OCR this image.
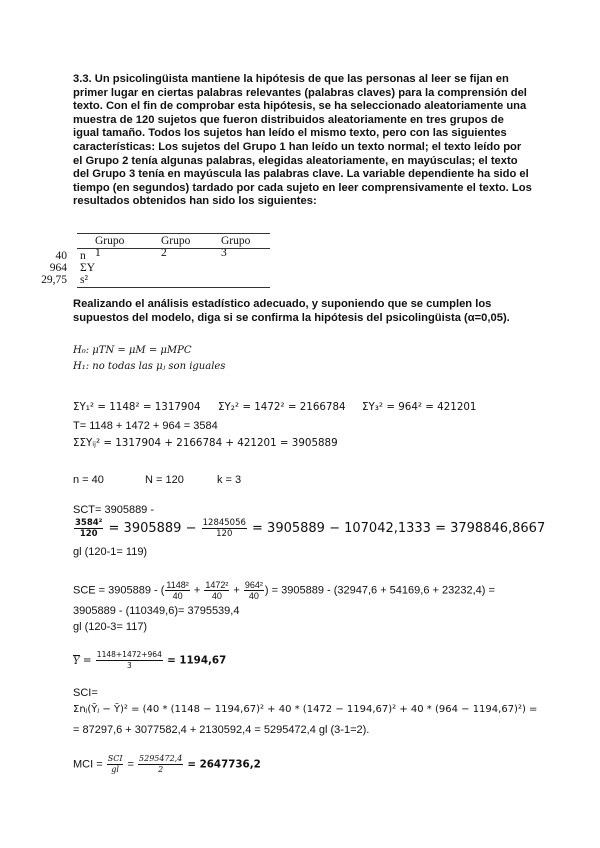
3.3. Un psicolingüista mantiene la hipótesis de que las personas al leer se fijan en
primer lugar en ciertas palabras relevantes (palabras claves) para la comprensión del
texto. Con el fin de comprobar esta hipótesis, se ha seleccionado aleatoriamente una
muestra de 120 sujetos que fueron distribuidos aleatoriamente en tres grupos de
igual tamaño. Todos los sujetos han leído el mismo texto, pero con las siguientes
características: Los sujetos del Grupo 1 han leído un texto normal; el texto leído por
el Grupo 2 tenía algunas palabras, elegidas aleatoriamente, en mayúsculas; el texto
del Grupo 3 tenía en mayúscula las palabras clave. La variable dependiente ha sido el
tiempo (en segundos) tardado por cada sujeto en leer comprensivamente el texto. Los
resultados obtenidos han sido los siguientes:
Grupo 1
Grupo 2
Grupo 3
n
40
ΣY
964
s²
29,75
Realizando el análisis estadístico adecuado, y suponiendo que se cumplen los
supuestos del modelo, diga si se confirma la hipótesis del psicolingüista (α=0,05).
H₀: μTN = μM = μMPC
H₁: no todas las μⱼ son iguales
ΣY₁² = 1148² = 1317904 ΣY₂² = 1472² = 2166784 ΣY₃² = 964² = 421201
T= 1148 + 1472 + 964 = 3584
ΣΣYᵢⱼ² = 1317904 + 2166784 + 421201 = 3905889
n = 40	N = 120	k = 3
SCT= 3905889 -
$\frac{\text{3584²}}{120} = 3905889 - \frac{12845056}{120} = 3905889 - 107042,1333 = 3798846,8667$
gl (120-1= 119)
SCE = 3905889 - ( $\frac{\text{1148²}}{40} + \frac{\text{1472²}}{40} + \frac{\text{964²}}{40}$ ) = 3905889 - (32947,6 + 54169,6 + 23232,4) =
3905889 - (110349,6)= 3795539,4
gl (120-3= 117)
$Y = \frac{1148+1472+964}{3} = 1194,67$
SCI=
Σnⱼ(Ȳⱼ − Ȳ)² = (40 * (1148 − 1194,67)² + 40 * (1472 − 1194,67)² + 40 * (964 − 1194,67)²) =
= 87297,6 + 3077582,4 + 2130592,4 = 5295472,4 gl (3-1=2).
MCI = $\frac{\text{SCI}}{gl} = \frac{5295472,4}{2} = 2647736,2$
